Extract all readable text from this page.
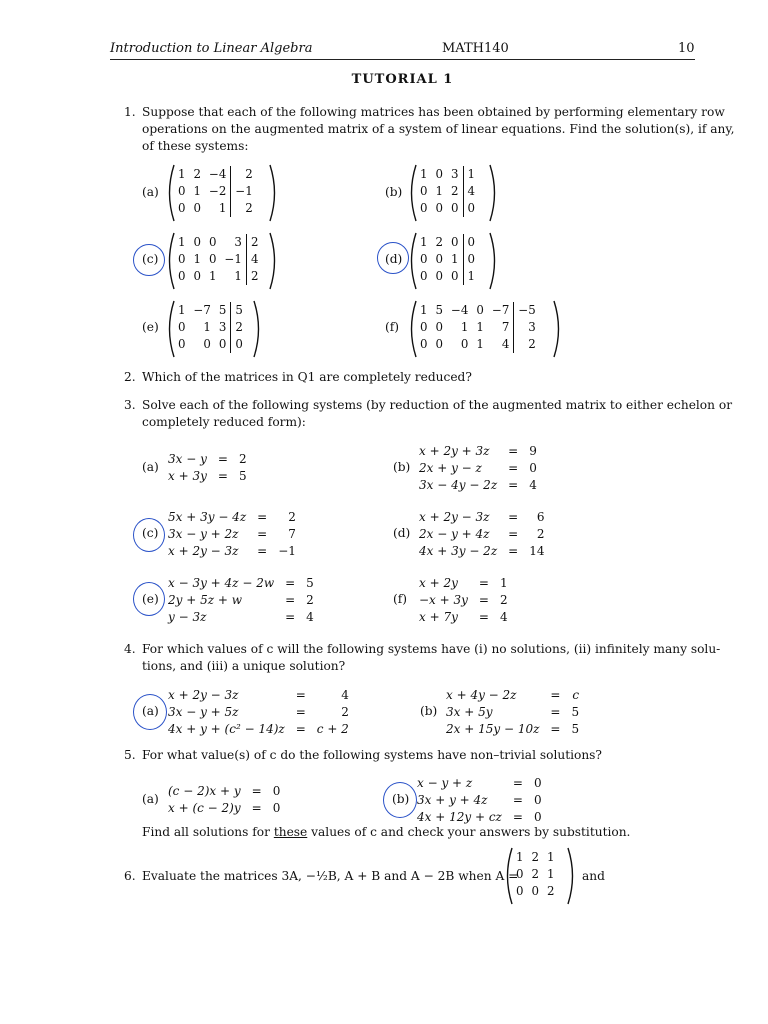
Introduction to Linear Algebra	MATH140	10
TUTORIAL 1
1. Suppose that each of the following matrices has been obtained by performing elementary row
operations on the augmented matrix of a system of linear equations. Find the solution(s), if any,
of these systems:
(a)
1	2	−4	2
0	1	−2	−1
0	0	1	2
(b)
1	0	3	1
0	1	2	4
0	0	0	0
(c)
1	0	0	3	2
0	1	0	−1	4
0	0	1	1	2
(d)
1	2	0	0
0	0	1	0
0	0	0	1
(e)
1	−7	5	5
0	1	3	2
0	0	0	0
(f)
1	5	−4	0	−7	−5
0	0	1	1	7	3
0	0	0	1	4	2
2. Which of the matrices in Q1 are completely reduced?
3. Solve each of the following systems (by reduction of the augmented matrix to either echelon or
completely reduced form):
(a)
3x − y	=	2
x + 3y	=	5
(b)
x + 2y + 3z	=	9
2x + y − z	=	0
3x − 4y − 2z	=	4
(c)
5x + 3y − 4z	=	2
3x − y + 2z	=	7
x + 2y − 3z	=	−1
(d)
x + 2y − 3z	=	6
2x − y + 4z	=	2
4x + 3y − 2z	=	14
(e)
x − 3y + 4z − 2w	=	5
2y + 5z + w	=	2
y − 3z	=	4
(f)
x + 2y	=	1
−x + 3y	=	2
x + 7y	=	4
4. For which values of c will the following systems have (i) no solutions, (ii) infinitely many solu-
tions, and (iii) a unique solution?
(a)
x + 2y − 3z	=	4
3x − y + 5z	=	2
4x + y + (c² − 14)z	=	c + 2
(b)
x + 4y − 2z	=	c
3x + 5y	=	5
2x + 15y − 10z	=	5
5. For what value(s) of c do the following systems have non–trivial solutions?
(a)
(c − 2)x + y	=	0
x + (c − 2)y	=	0
(b)
x − y + z	=	0
3x + y + 4z	=	0
4x + 12y + cz	=	0
Find all solutions for these values of c and check your answers by substitution.
6. Evaluate the matrices 3A, −½B, A + B and A − 2B when A =
1	2	1
0	2	1
0	0	2
and
